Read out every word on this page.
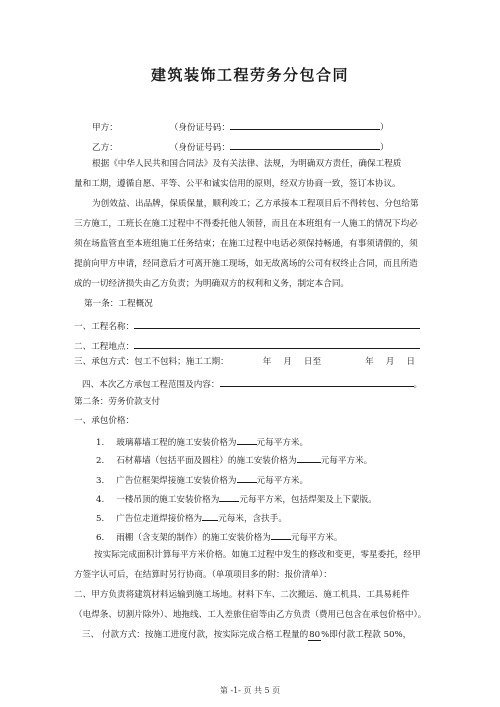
建筑装饰工程劳务分包合同
甲方：	（身份证号码：	）
乙方：	（身份证号码：	）
根据《中华人民共和国合同法》及有关法律、法规，为明确双方责任，确保工程质
量和工期，遵循自愿、平等、公平和诚实信用的原则，经双方协商一致，签订本协议。
为创效益、出品牌，保质保量，顺利竣工；乙方承接本工程项目后不得转包、分包给第
三方施工，工班长在施工过程中不得委托他人领替，而且在本班组有一人施工的情况下均必
须在场监管直至本班组施工任务结束；在施工过程中电话必须保持畅通，有事须请假的，须
提前向甲方申请，经同意后才可离开施工现场，如无故离场的公司有权终止合同，而且所造
成的一切经济损失由乙方负责；为明确双方的权利和义务，制定本合同。
第一条：工程概况
一、工程名称：
二、工程地点：
三、承包方式：包工不包料；施工工期：	年 月 日至	年 月 日
四、本次乙方承包工程范围及内容：	。
第二条：劳务价款支付
一、承包价格：
1. 玻璃幕墙工程的施工安装价格为 元每平方米。
2. 石材幕墙（包括平面及圆柱）的施工安装价格为	元每平方米。
3. 广告位框架焊接施工安装价格为 元每平方米。
4. 一楼吊顶的施工安装价格为 元每平方米，包括焊架及上下蒙版。
5. 广告位走道焊接价格为 元每米，含扶手。
6. 雨棚（含支架的制作）的施工安装价格为 元每平方米。
按实际完成面积计算每平方米价格。如施工过程中发生的修改和变更，零星委托，经甲
方签字认可后，在结算时另行协商。（单项项目多的附：报价清单）：
二、甲方负责将建筑材料运输到施工场地。材料下车、二次搬运、施工机具、工具易耗件
（电焊条、切割片除外）、地拖线、工人差旅住宿等由乙方负责（费用已包含在承包价格中）。
三、 付款方式：按施工进度付款，按实际完成合格工程量的80%即付款工程款 50%，
第 -1- 页 共 5 页
